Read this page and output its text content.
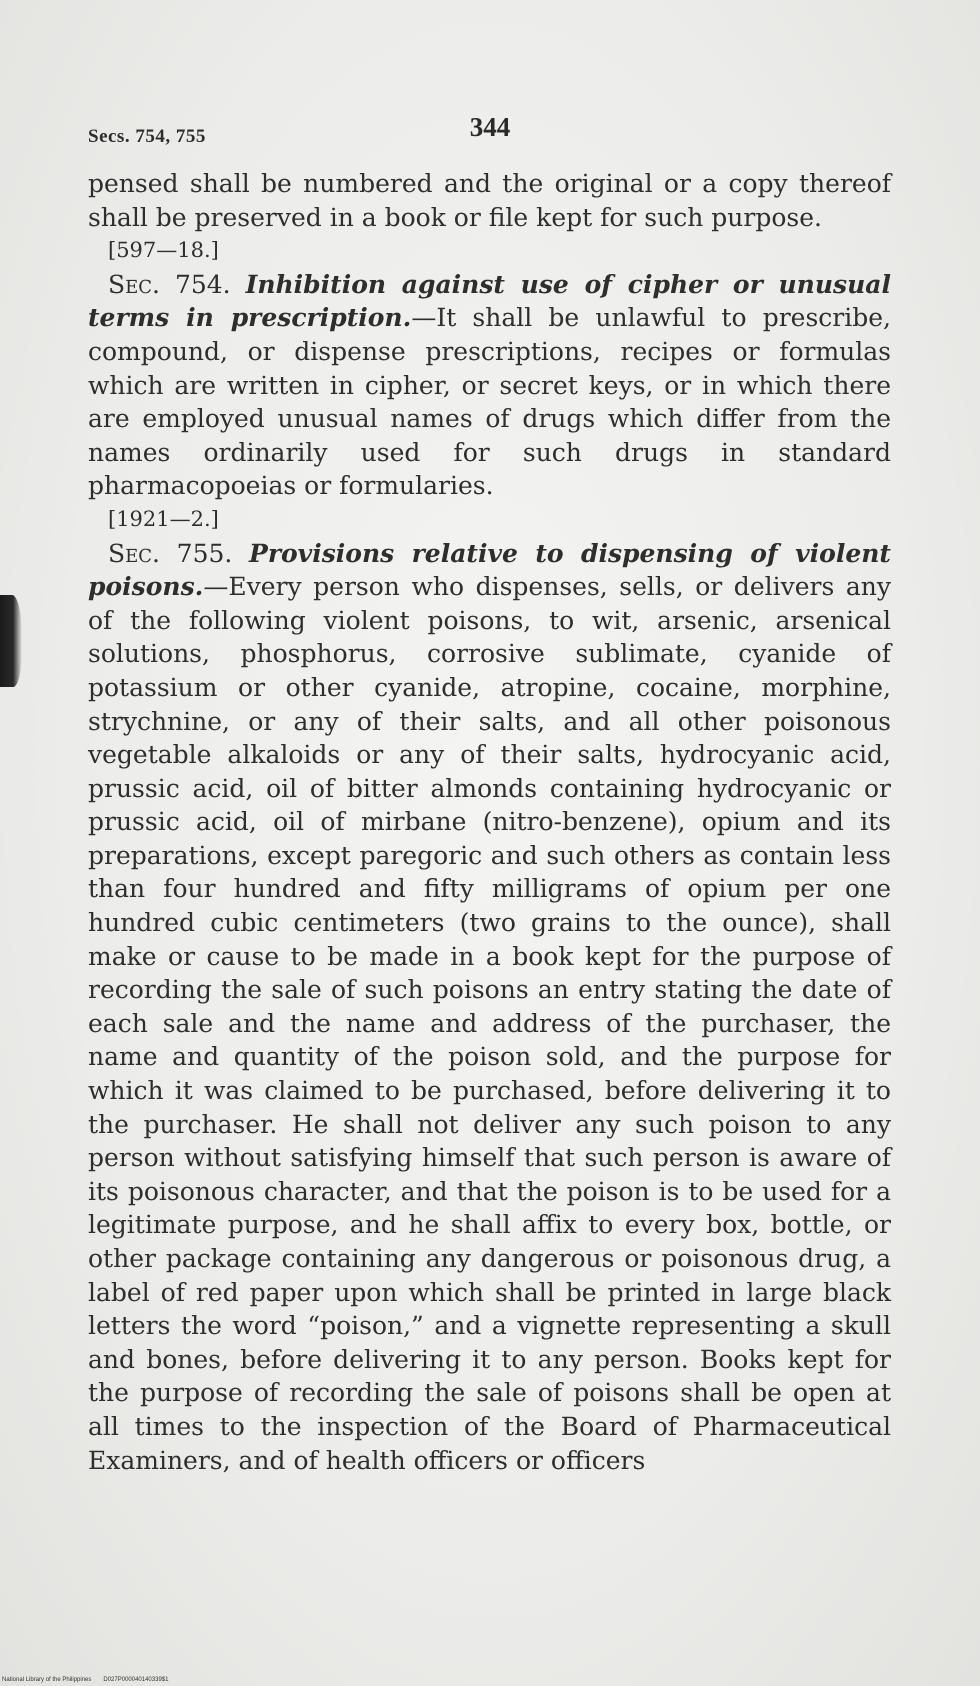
Secs. 754, 755	344

pensed shall be numbered and the original or a copy thereof shall be preserved in a book or file kept for such purpose.

[597—18.]

Sec. 754. Inhibition against use of cipher or unusual terms in prescription.—It shall be unlawful to prescribe, compound, or dispense prescriptions, recipes or formulas which are written in cipher, or secret keys, or in which there are employed unusual names of drugs which differ from the names ordinarily used for such drugs in standard pharmacopoeias or formularies.

[1921—2.]

Sec. 755. Provisions relative to dispensing of violent poisons.—Every person who dispenses, sells, or delivers any of the following violent poisons, to wit, arsenic, arsenical solutions, phosphorus, corrosive sublimate, cyanide of potassium or other cyanide, atropine, cocaine, morphine, strychnine, or any of their salts, and all other poisonous vegetable alkaloids or any of their salts, hydrocyanic acid, prussic acid, oil of bitter almonds containing hydrocyanic or prussic acid, oil of mirbane (nitro-benzene), opium and its preparations, except paregoric and such others as contain less than four hundred and fifty milligrams of opium per one hundred cubic centimeters (two grains to the ounce), shall make or cause to be made in a book kept for the purpose of recording the sale of such poisons an entry stating the date of each sale and the name and address of the purchaser, the name and quantity of the poison sold, and the purpose for which it was claimed to be purchased, before delivering it to the purchaser. He shall not deliver any such poison to any person without satisfying himself that such person is aware of its poisonous character, and that the poison is to be used for a legitimate purpose, and he shall affix to every box, bottle, or other package containing any dangerous or poisonous drug, a label of red paper upon which shall be printed in large black letters the word “poison,” and a vignette representing a skull and bones, before delivering it to any person. Books kept for the purpose of recording the sale of poisons shall be open at all times to the inspection of the Board of Pharmaceutical Examiners, and of health officers or officers

National Library of the Philippines D027P000040140339$1
